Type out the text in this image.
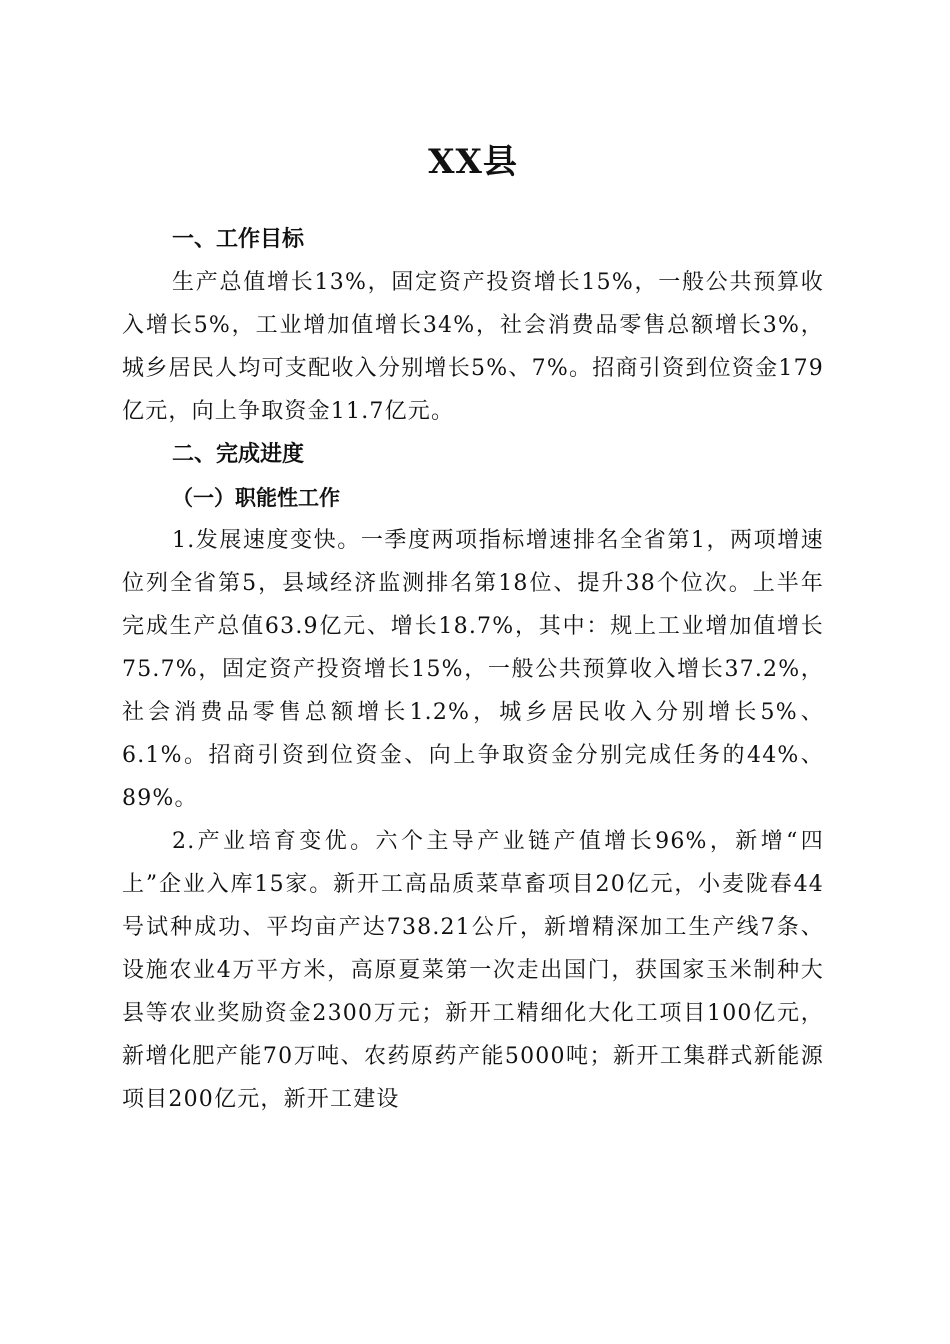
XX县
一、工作目标

生产总值增长13%，固定资产投资增长15%，一般公共预算收入增长5%，工业增加值增长34%，社会消费品零售总额增长3%，城乡居民人均可支配收入分别增长5%、7%。招商引资到位资金179亿元，向上争取资金11.7亿元。

二、完成进度
（一）职能性工作

1.发展速度变快。一季度两项指标增速排名全省第1，两项增速位列全省第5，县域经济监测排名第18位、提升38个位次。上半年完成生产总值63.9亿元、增长18.7%，其中：规上工业增加值增长75.7%，固定资产投资增长15%，一般公共预算收入增长37.2%，社会消费品零售总额增长1.2%，城乡居民收入分别增长5%、6.1%。招商引资到位资金、向上争取资金分别完成任务的44%、89%。

2.产业培育变优。六个主导产业链产值增长96%，新增“四上”企业入库15家。新开工高品质菜草畜项目20亿元，小麦陇春44号试种成功、平均亩产达738.21公斤，新增精深加工生产线7条、设施农业4万平方米，高原夏菜第一次走出国门，获国家玉米制种大县等农业奖励资金2300万元；新开工精细化大化工项目100亿元，新增化肥产能70万吨、农药原药产能5000吨；新开工集群式新能源项目200亿元，新开工建设
